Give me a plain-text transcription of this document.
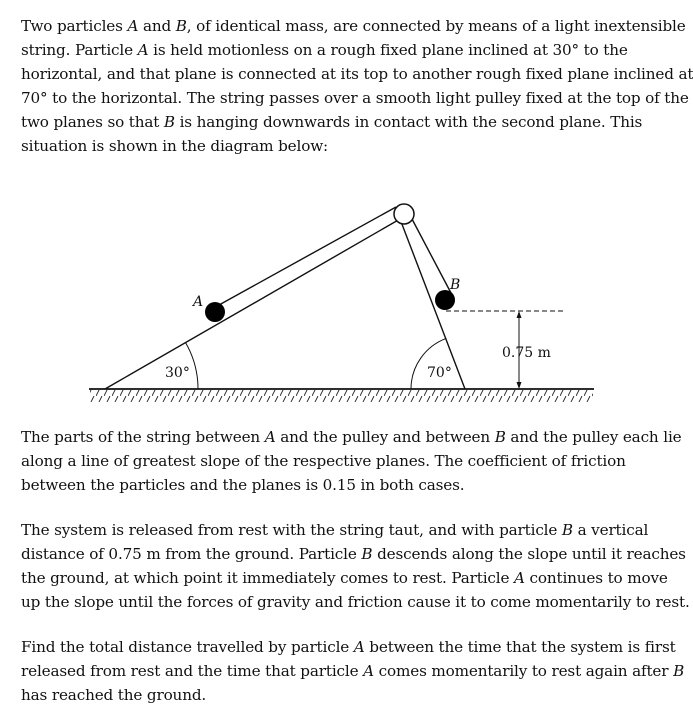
Two particles A and B, of identical mass, are connected by means of a light inextensible
string. Particle A is held motionless on a rough fixed plane inclined at 30° to the
horizontal, and that plane is connected at its top to another rough fixed plane inclined at
70° to the horizontal. The string passes over a smooth light pulley fixed at the top of the
two planes so that B is hanging downwards in contact with the second plane. This
situation is shown in the diagram below:
A
B
30°	70°
0.75 m
The parts of the string between A and the pulley and between B and the pulley each lie
along a line of greatest slope of the respective planes. The coefficient of friction
between the particles and the planes is 0.15 in both cases.
The system is released from rest with the string taut, and with particle B a vertical
distance of 0.75 m from the ground. Particle B descends along the slope until it reaches
the ground, at which point it immediately comes to rest. Particle A continues to move
up the slope until the forces of gravity and friction cause it to come momentarily to rest.
Find the total distance travelled by particle A between the time that the system is first
released from rest and the time that particle A comes momentarily to rest again after B
has reached the ground.
